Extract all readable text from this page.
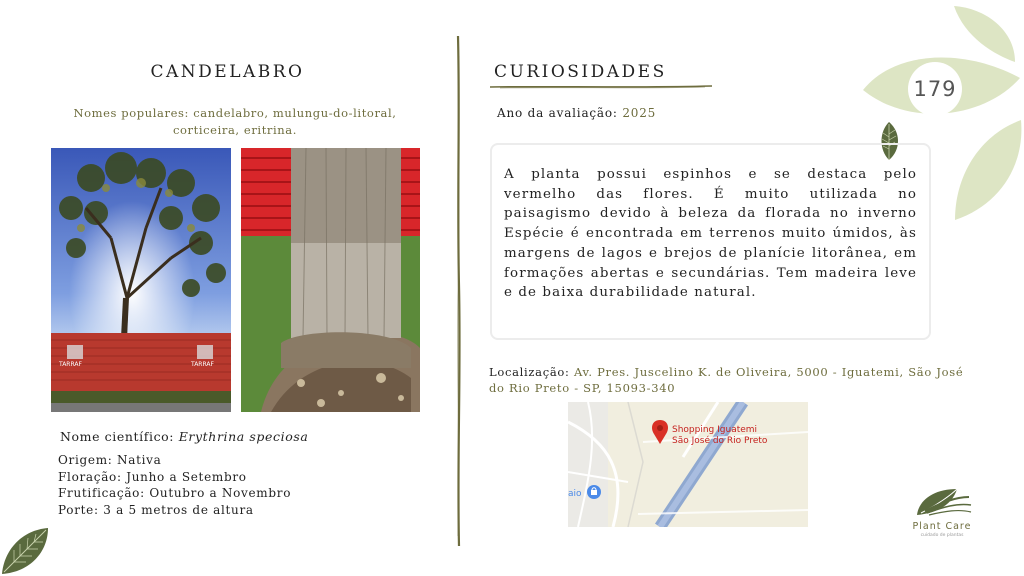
179
CANDELABRO
Nomes populares: candelabro, mulungu-do-litoral, corticeira, eritrina.
TARRAF	TARRAF
Nome científico: Erythrina speciosa
Origem: Nativa
Floração: Junho a Setembro
Frutificação: Outubro a Novembro
Porte: 3 a 5 metros de altura
CURIOSIDADES
Ano da avaliação: 2025

A planta possui espinhos e se destaca pelo vermelho das flores. É muito utilizada no paisagismo devido à beleza da florada no inverno Espécie é encontrada em terrenos muito úmidos, às margens de lagos e brejos de planície litorânea, em formações abertas e secundárias. Tem madeira leve e de baixa durabilidade natural.

Localização: Av. Pres. Juscelino K. de Oliveira, 5000 - Iguatemi, São José do Rio Preto - SP, 15093-340
Shopping Iguatemi
São José do Rio Preto
aio
Plant Care
cuidado de plantas
